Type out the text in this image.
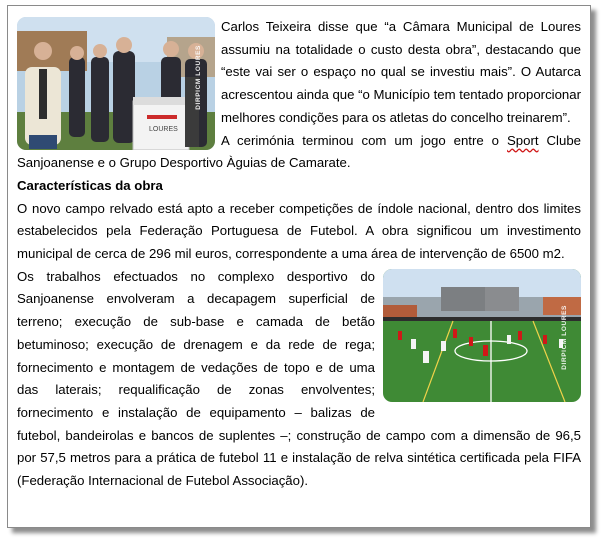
LOURES
DIRPICM LOURES

Carlos Teixeira disse que “a Câmara Municipal de Loures assumiu na totalidade o custo desta obra”, destacando que “este vai ser o espaço no qual se investiu mais”. O Autarca acrescentou ainda que “o Município tem tentado proporcionar melhores condições para os atletas do concelho treinarem”.

A cerimónia terminou com um jogo entre o Sport Clube Sanjoanense e o Grupo Desportivo Àguias de Camarate.

Características da obra

O novo campo relvado está apto a receber competições de índole nacional, dentro dos limites estabelecidos pela Federação Portuguesa de Futebol. A obra significou um investimento municipal de cerca de 296 mil euros, correspondente a uma área de intervenção de 6500 m2.

DIRPICM LOURES

Os trabalhos efectuados no complexo desportivo do Sanjoanense envolveram a decapagem superficial de terreno; execução de sub-base e camada de betão betuminoso; execução de drenagem e da rede de rega; fornecimento e montagem de vedações de topo e de uma das laterais; requalificação de zonas envolventes; fornecimento e instalação de equipamento – balizas de futebol, bandeirolas e bancos de suplentes –; construção de campo com a dimensão de 96,5 por 57,5 metros para a prática de futebol 11 e instalação de relva sintética certificada pela FIFA (Federação Internacional de Futebol Associação).
